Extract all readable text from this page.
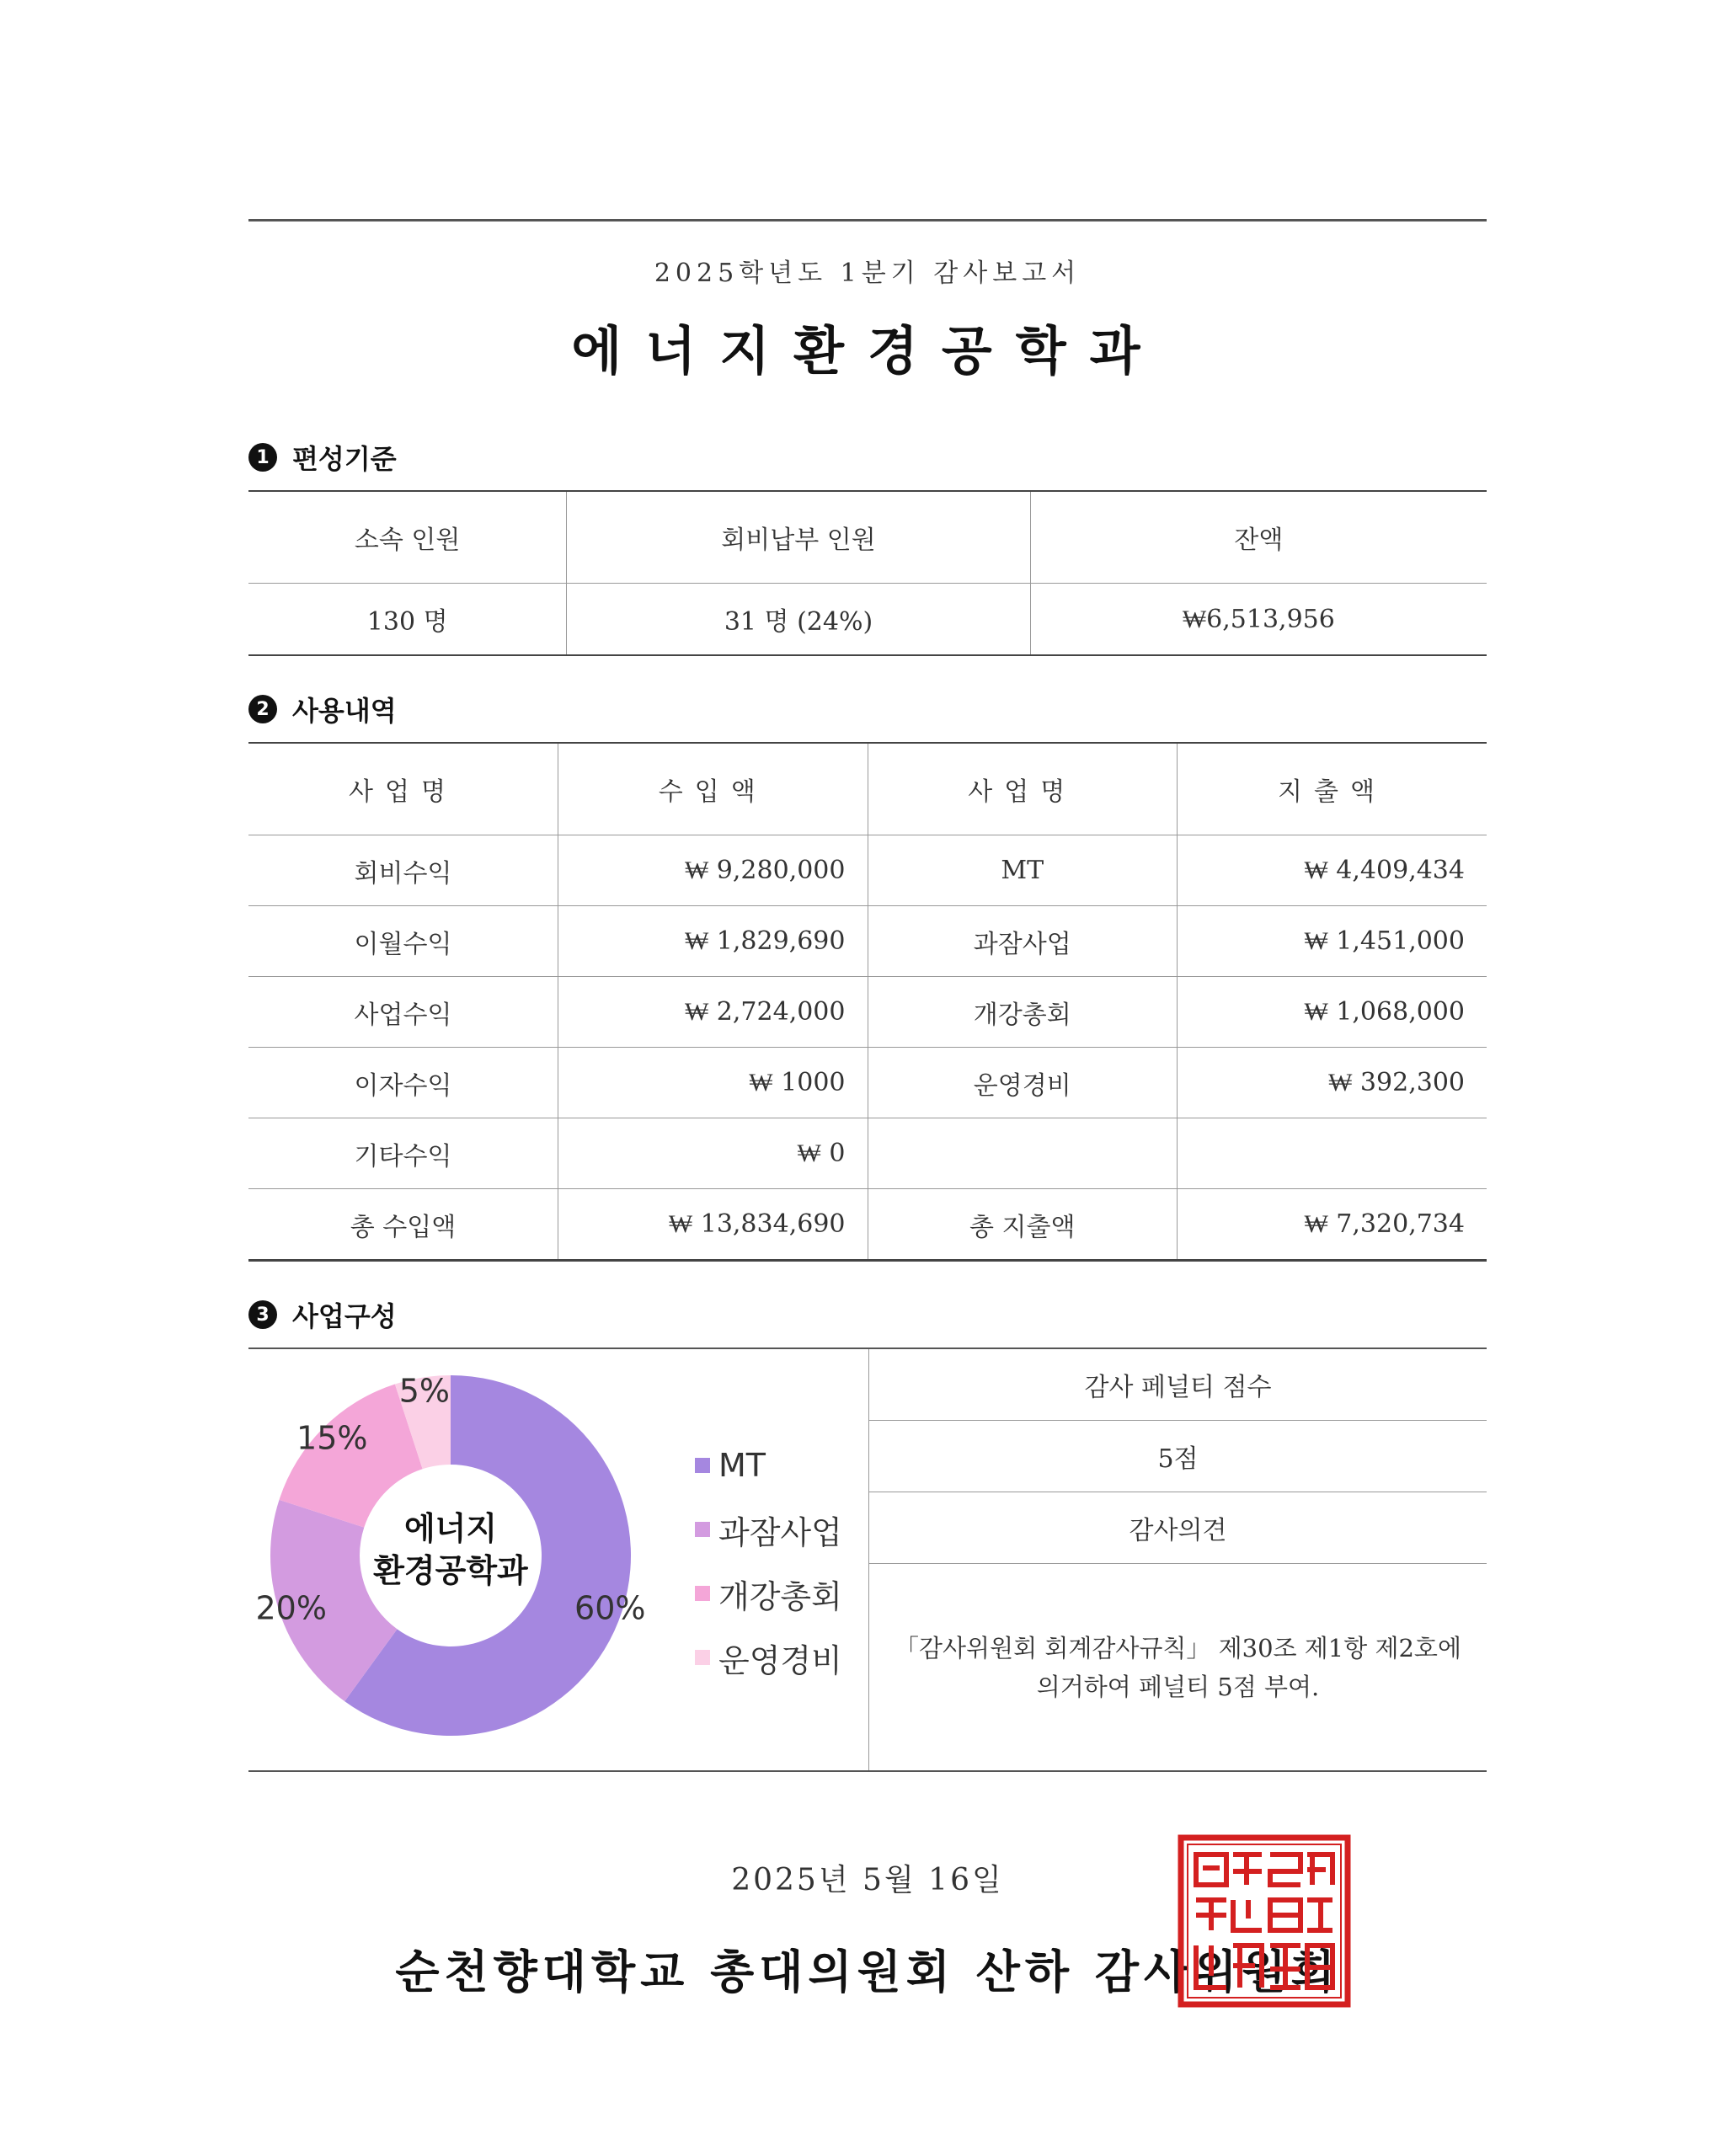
2025학년도 1분기 감사보고서
에너지환경공학과
1 편성기준
소속 인원	회비납부 인원	잔액
130 명	31 명 (24%)	₩6,513,956
2 사용내역
사업명	수입액	사업명	지출액
회비수익	₩ 9,280,000	MT	₩ 4,409,434
이월수익	₩ 1,829,690	과잠사업	₩ 1,451,000
사업수익	₩ 2,724,000	개강총회	₩ 1,068,000
이자수익	₩ 1000	운영경비	₩ 392,300
기타수익	₩ 0		
총 수입액	₩ 13,834,690	총 지출액	₩ 7,320,734
3 사업구성
60%
20%
15%
5%
에너지
환경공학과
MT
과잠사업
개강총회
운영경비
감사 페널티 점수
5점
감사의견
「감사위원회 회계감사규칙」 제30조 제1항 제2호에
의거하여 페널티 5점 부여.
2025년 5월 16일
순천향대학교 총대의원회 산하 감사위원회
